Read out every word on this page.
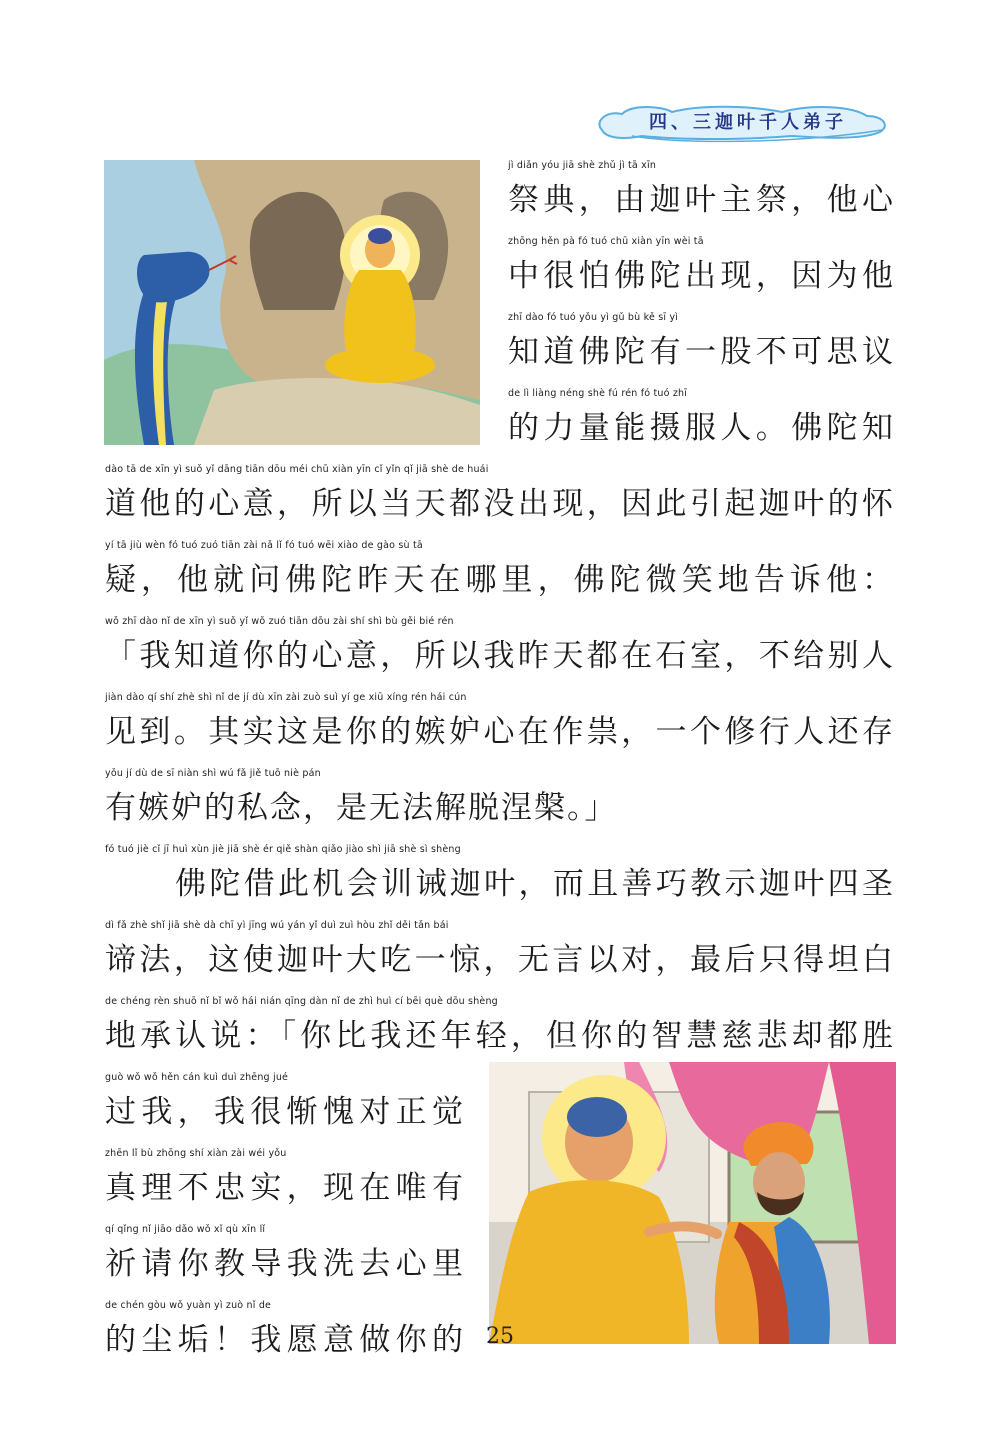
四、三迦叶千人弟子
jì diǎn yóu jiā shè zhǔ jì tā xīn
祭典，由迦叶主祭，他心
zhōng hěn pà fó tuó chū xiàn yīn wèi tā
中很怕佛陀出现，因为他
zhī dào fó tuó yǒu yì gǔ bù kě sī yì
知道佛陀有一股不可思议
de lì liàng néng shè fú rén fó tuó zhī
的力量能摄服人。佛陀知
dào tā de xīn yì suǒ yǐ dāng tiān dōu méi chū xiàn yīn cǐ yǐn qǐ jiā shè de huái
道他的心意，所以当天都没出现，因此引起迦叶的怀
yí tā jiù wèn fó tuó zuó tiān zài nǎ lǐ fó tuó wēi xiào de gào sù tā
疑，他就问佛陀昨天在哪里，佛陀微笑地告诉他：
wǒ zhī dào nǐ de xīn yì suǒ yǐ wǒ zuó tiān dōu zài shí shì bù gěi bié rén
「我知道你的心意，所以我昨天都在石室，不给别人
jiàn dào qí shí zhè shì nǐ de jí dù xīn zài zuò suì yí ge xiū xíng rén hái cún
见到。其实这是你的嫉妒心在作祟，一个修行人还存
yǒu jí dù de sī niàn shì wú fǎ jiě tuō niè pán
有嫉妒的私念，是无法解脱涅槃。」
fó tuó jiè cǐ jī huì xùn jiè jiā shè ér qiě shàn qiǎo jiào shì jiā shè sì shèng
佛陀借此机会训诫迦叶，而且善巧教示迦叶四圣
dì fǎ zhè shǐ jiā shè dà chī yì jīng wú yán yǐ duì zuì hòu zhǐ děi tǎn bái
谛法，这使迦叶大吃一惊，无言以对，最后只得坦白
de chéng rèn shuō nǐ bǐ wǒ hái nián qīng dàn nǐ de zhì huì cí bēi què dōu shèng
地承认说：「你比我还年轻，但你的智慧慈悲却都胜
guò wǒ wǒ hěn cán kuì duì zhēng jué
过我，我很惭愧对正觉
zhēn lǐ bù zhōng shí xiàn zài wéi yǒu
真理不忠实，现在唯有
qí qǐng nǐ jiāo dǎo wǒ xǐ qù xīn lǐ
祈请你教导我洗去心里
de chén gòu wǒ yuàn yì zuò nǐ de
的尘垢！我愿意做你的 25
